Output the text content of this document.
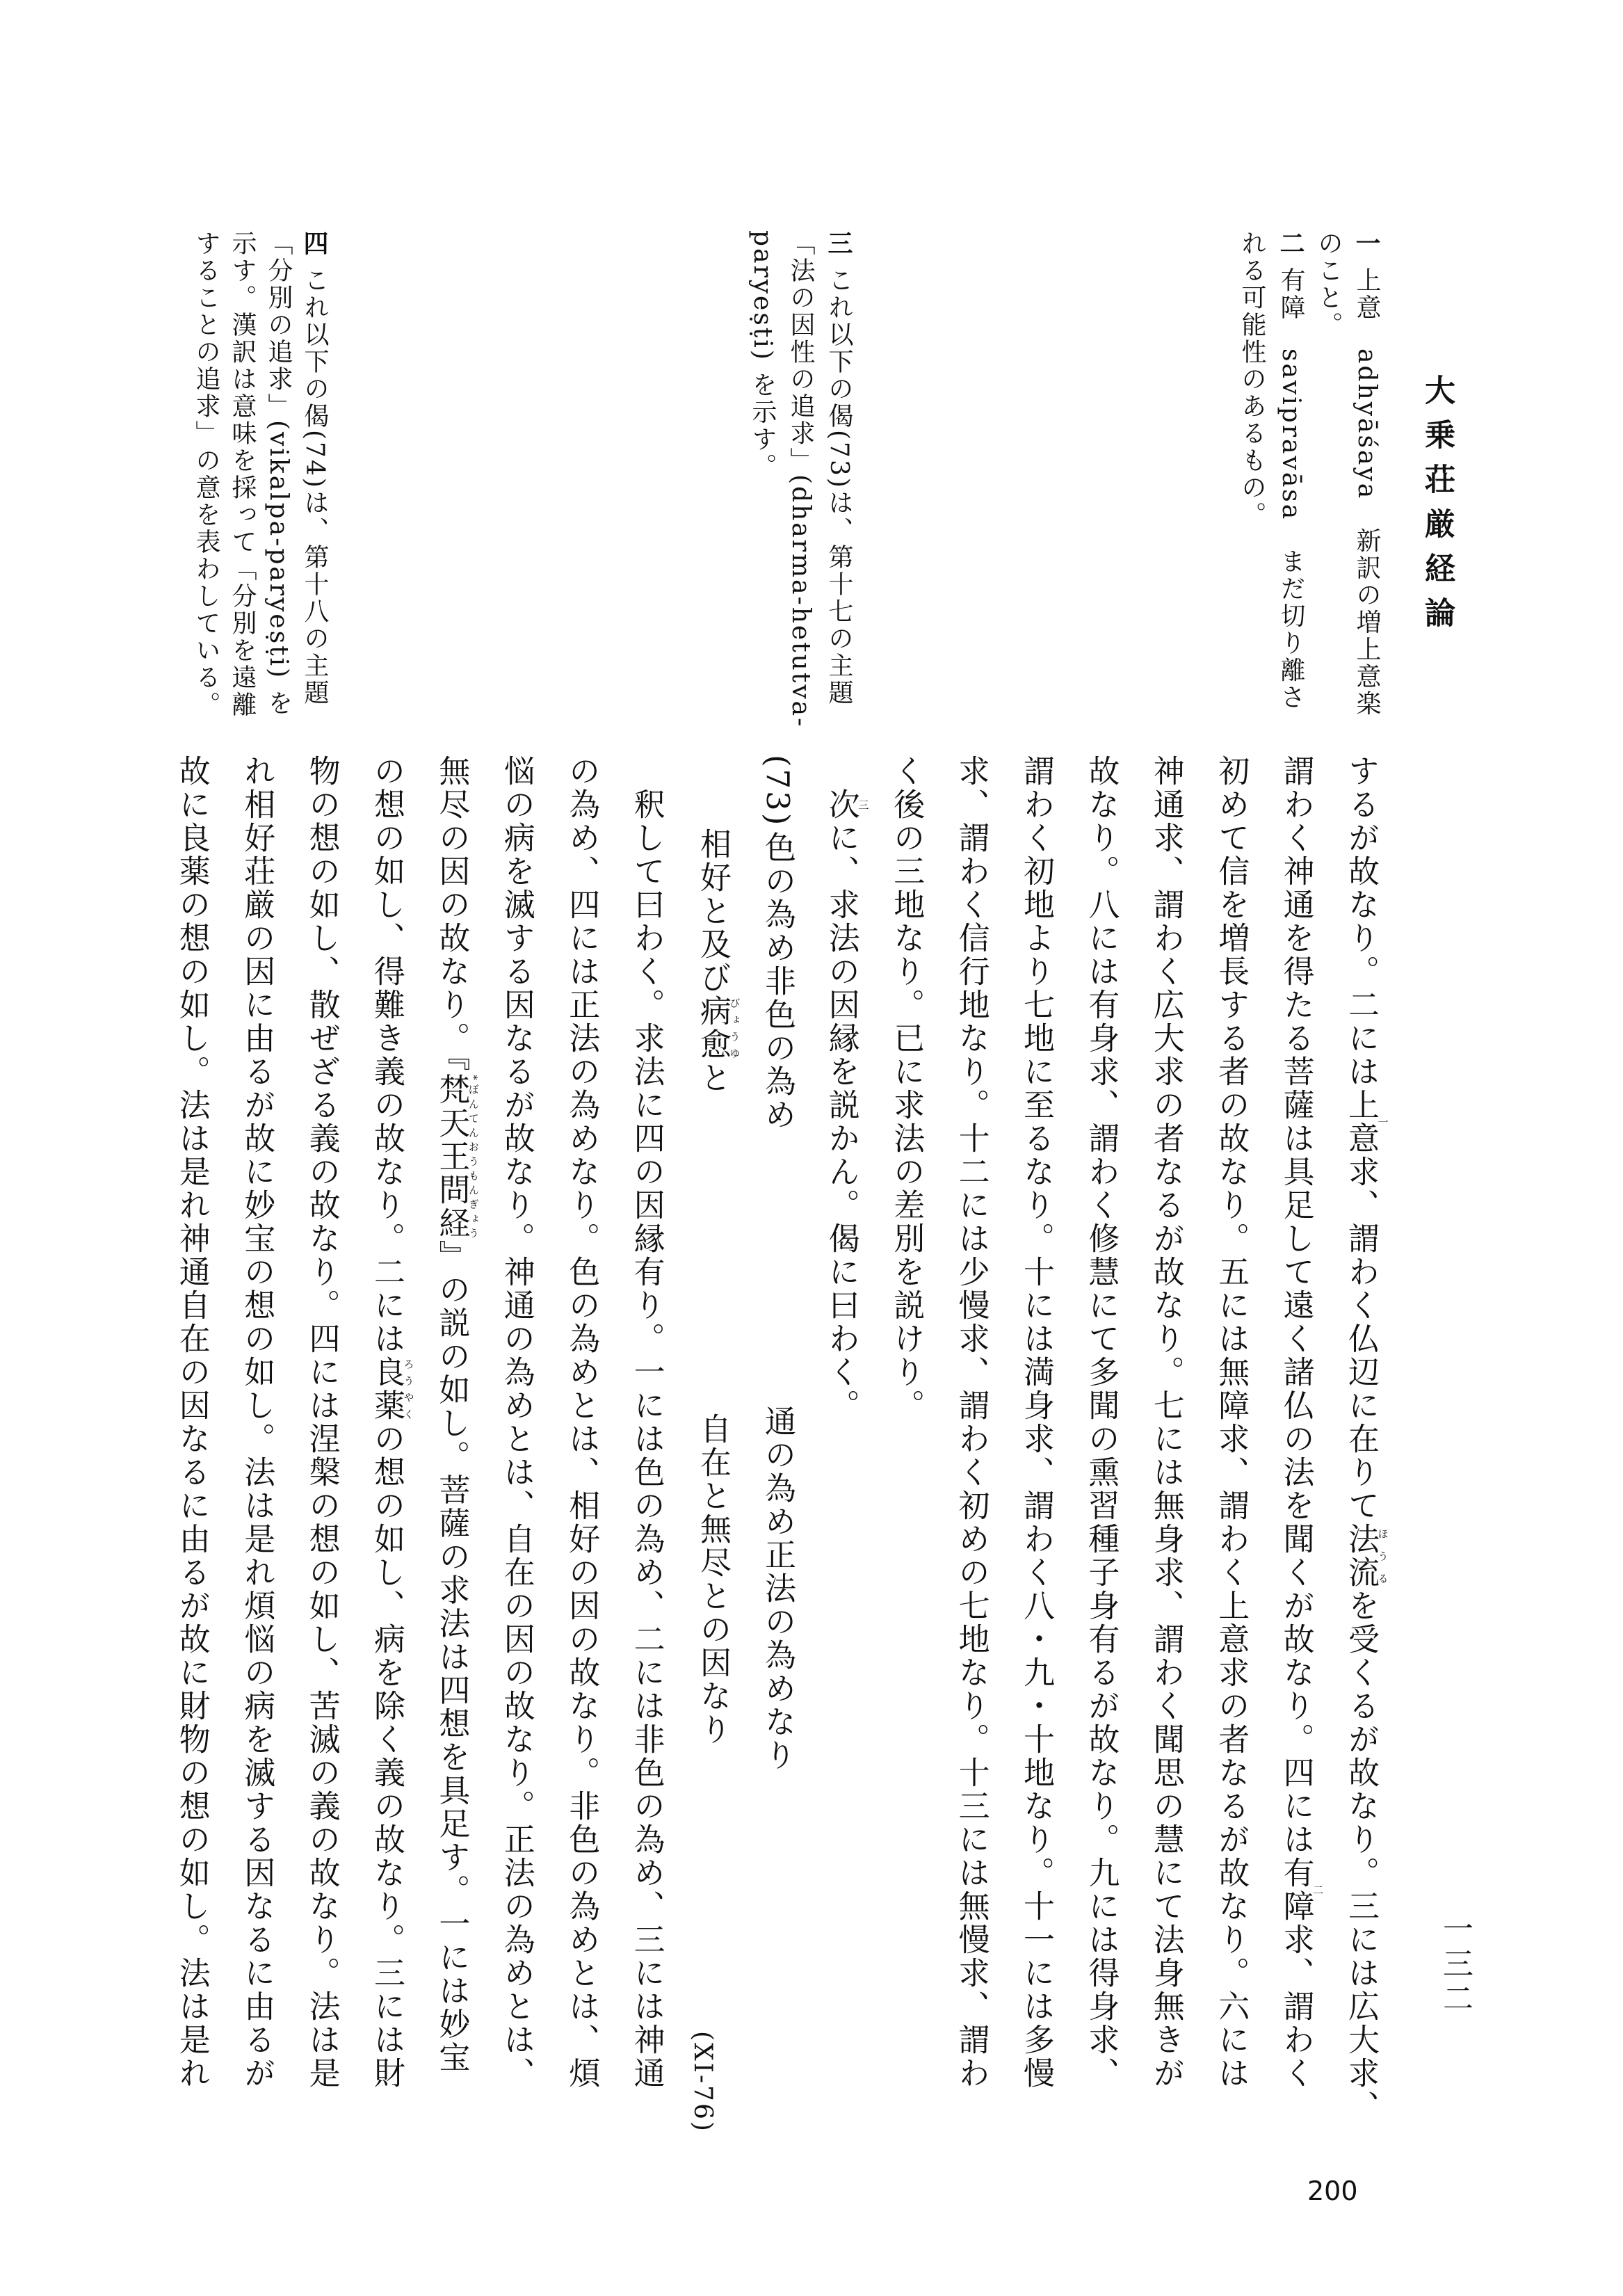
大乗荘厳経論
一三二
200
一上意　adhyāśaya　新訳の増上意楽
のこと。
二有障　savipravāsa　まだ切り離さ
れる可能性のあるもの。
三これ以下の偈(73)は、第十七の主題
「法の因性の追求」(dharma-hetutva-
paryeṣṭi) を示す。
四これ以下の偈(74)は、第十八の主題
「分別の追求」(vikalpa-paryeṣṭi) を
示す。漢訳は意味を採って「分別を遠離
することの追求」の意を表わしている。
するが故なり。二には上意一求、謂わく仏辺に在りて法流ほうるを受くるが故なり。三には広大求、
謂わく神通を得たる菩薩は具足して遠く諸仏の法を聞くが故なり。四には有障二求、謂わく
初めて信を増長する者の故なり。五には無障求、謂わく上意求の者なるが故なり。六には
神通求、謂わく広大求の者なるが故なり。七には無身求、謂わく聞思の慧にて法身無きが
故なり。八には有身求、謂わく修慧にて多聞の熏習種子身有るが故なり。九には得身求、
謂わく初地より七地に至るなり。十には満身求、謂わく八・九・十地なり。十一には多慢
求、謂わく信行地なり。十二には少慢求、謂わく初めの七地なり。十三には無慢求、謂わ
く後の三地なり。已に求法の差別を説けり。
次三に、求法の因縁を説かん。偈に曰わく。
釈して曰わく。求法に四の因縁有り。一には色の為め、二には非色の為め、三には神通
の為め、四には正法の為めなり。色の為めとは、相好の因の故なり。非色の為めとは、煩
悩の病を滅する因なるが故なり。神通の為めとは、自在の因の故なり。正法の為めとは、
無尽の因の故なり。『梵天王問経*ぼんてんおうもんぎょう』の説の如し。菩薩の求法は四想を具足す。一には妙宝
の想の如し、得難き義の故なり。二には良薬ろうやくの想の如し、病を除く義の故なり。三には財
物の想の如し、散ぜざる義の故なり。四には涅槃の想の如し、苦滅の義の故なり。法は是
れ相好荘厳の因に由るが故に妙宝の想の如し。法は是れ煩悩の病を滅する因なるに由るが
故に良薬の想の如し。法は是れ神通自在の因なるに由るが故に財物の想の如し。法は是れ	(73)色の為め非色の為め
通の為め正法の為めなり
相好と及び病愈びょうゆと
自在と無尽との因なり
(XI-76)
